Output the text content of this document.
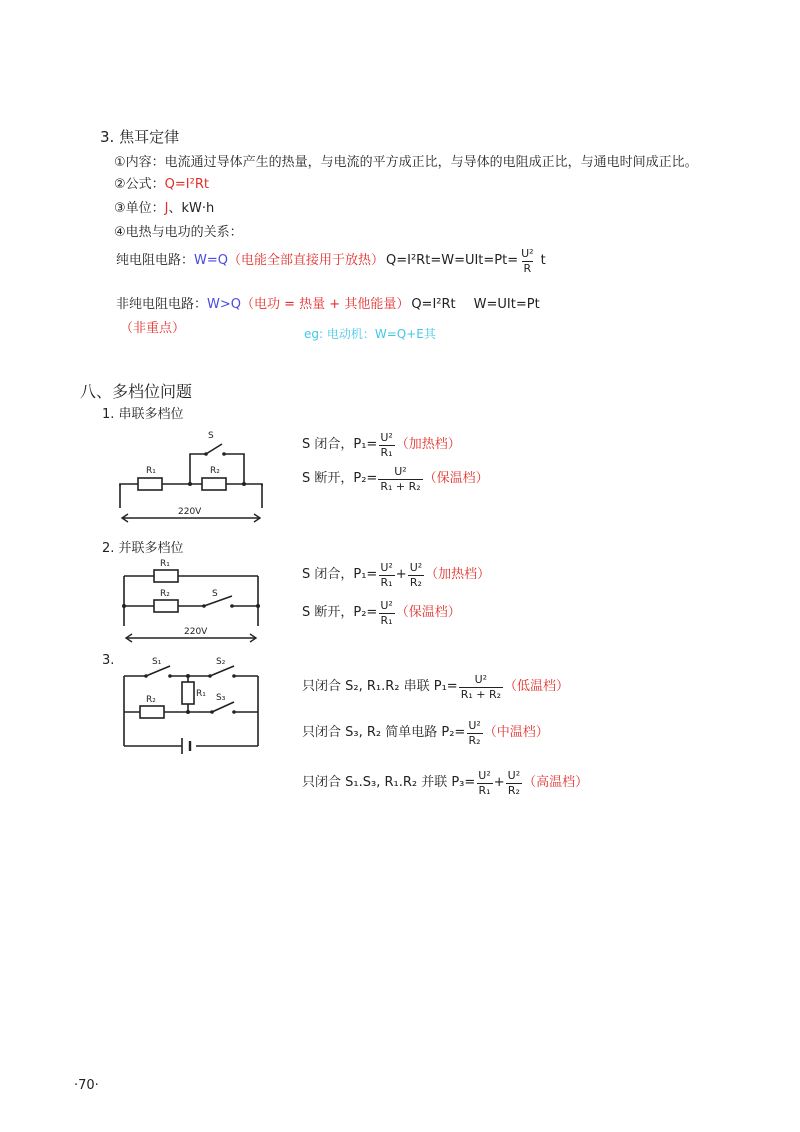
3. 焦耳定律
①内容：电流通过导体产生的热量，与电流的平方成正比，与导体的电阻成正比，与通电时间成正比。
②公式：Q=I²Rt
③单位：J、kW·h
④电热与电功的关系：
纯电阻电路： W=Q （电能全部直接用于放热） $Q=I^2Rt=W=UIt=Pt= \frac{\text{U²}}{R}$ t
非纯电阻电路：W>Q（电功 = 热量 + 其他能量） Q=I²Rt W=UIt=Pt
（非重点）	eg: 电动机：W=Q+E其
八、多档位问题
1. 串联多档位
S
R₁	R₂
220V
S 闭合，$P_1= \frac{\text{U²}}{\text{R₁}}$ （加热档）
S 断开，$P_2= \frac{\text{U²}}{\text{R₁ + R₂}}$ （保温档）
2. 并联多档位
R₁
R₂	S
220V
S 闭合，$P_1= \frac{\text{U²}}{\text{R₁}} + \frac{\text{U²}}{\text{R₂}}$ （加热档）
S 断开，$P_2= \frac{\text{U²}}{\text{R₁}}$ （保温档）
3.	S₁	S₂
S₃
R₁
R₂
只闭合 S₂, R₁.R₂ 串联 $P_1= \frac{\text{U²}}{\text{R₁ + R₂}}$ （低温档）
只闭合 S₃, R₂ 简单电路 $P_2= \frac{\text{U²}}{\text{R₂}}$ （中温档）
只闭合 S₁.S₃, R₁.R₂ 并联 $P_3= \frac{\text{U²}}{\text{R₁}} + \frac{\text{U²}}{\text{R₂}}$ （高温档）
·70·
